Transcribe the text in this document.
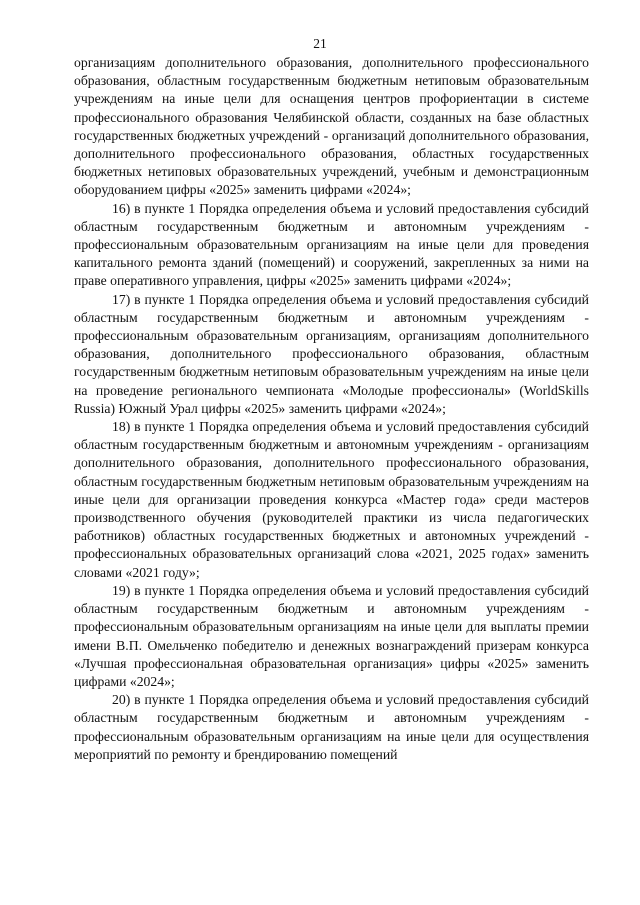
21

организациям дополнительного образования, дополнительного профессионального образования, областным государственным бюджетным нетиповым образовательным учреждениям на иные цели для оснащения центров профориентации в системе профессионального образования Челябинской области, созданных на базе областных государственных бюджетных учреждений - организаций дополнительного образования, дополнительного профессионального образования, областных государственных бюджетных нетиповых образовательных учреждений, учебным и демонстрационным оборудованием цифры «2025» заменить цифрами «2024»;

16) в пункте 1 Порядка определения объема и условий предоставления субсидий областным государственным бюджетным и автономным учреждениям - профессиональным образовательным организациям на иные цели для проведения капитального ремонта зданий (помещений) и сооружений, закрепленных за ними на праве оперативного управления, цифры «2025» заменить цифрами «2024»;

17) в пункте 1 Порядка определения объема и условий предоставления субсидий областным государственным бюджетным и автономным учреждениям - профессиональным образовательным организациям, организациям дополнительного образования, дополнительного профессионального образования, областным государственным бюджетным нетиповым образовательным учреждениям на иные цели на проведение регионального чемпионата «Молодые профессионалы» (WorldSkills Russia) Южный Урал цифры «2025» заменить цифрами «2024»;

18) в пункте 1 Порядка определения объема и условий предоставления субсидий областным государственным бюджетным и автономным учреждениям - организациям дополнительного образования, дополнительного профессионального образования, областным государственным бюджетным нетиповым образовательным учреждениям на иные цели для организации проведения конкурса «Мастер года» среди мастеров производственного обучения (руководителей практики из числа педагогических работников) областных государственных бюджетных и автономных учреждений - профессиональных образовательных организаций слова «2021, 2025 годах» заменить словами «2021 году»;

19) в пункте 1 Порядка определения объема и условий предоставления субсидий областным государственным бюджетным и автономным учреждениям - профессиональным образовательным организациям на иные цели для выплаты премии имени В.П. Омельченко победителю и денежных вознаграждений призерам конкурса «Лучшая профессиональная образовательная организация» цифры «2025» заменить цифрами «2024»;

20) в пункте 1 Порядка определения объема и условий предоставления субсидий областным государственным бюджетным и автономным учреждениям - профессиональным образовательным организациям на иные цели для осуществления мероприятий по ремонту и брендированию помещений
